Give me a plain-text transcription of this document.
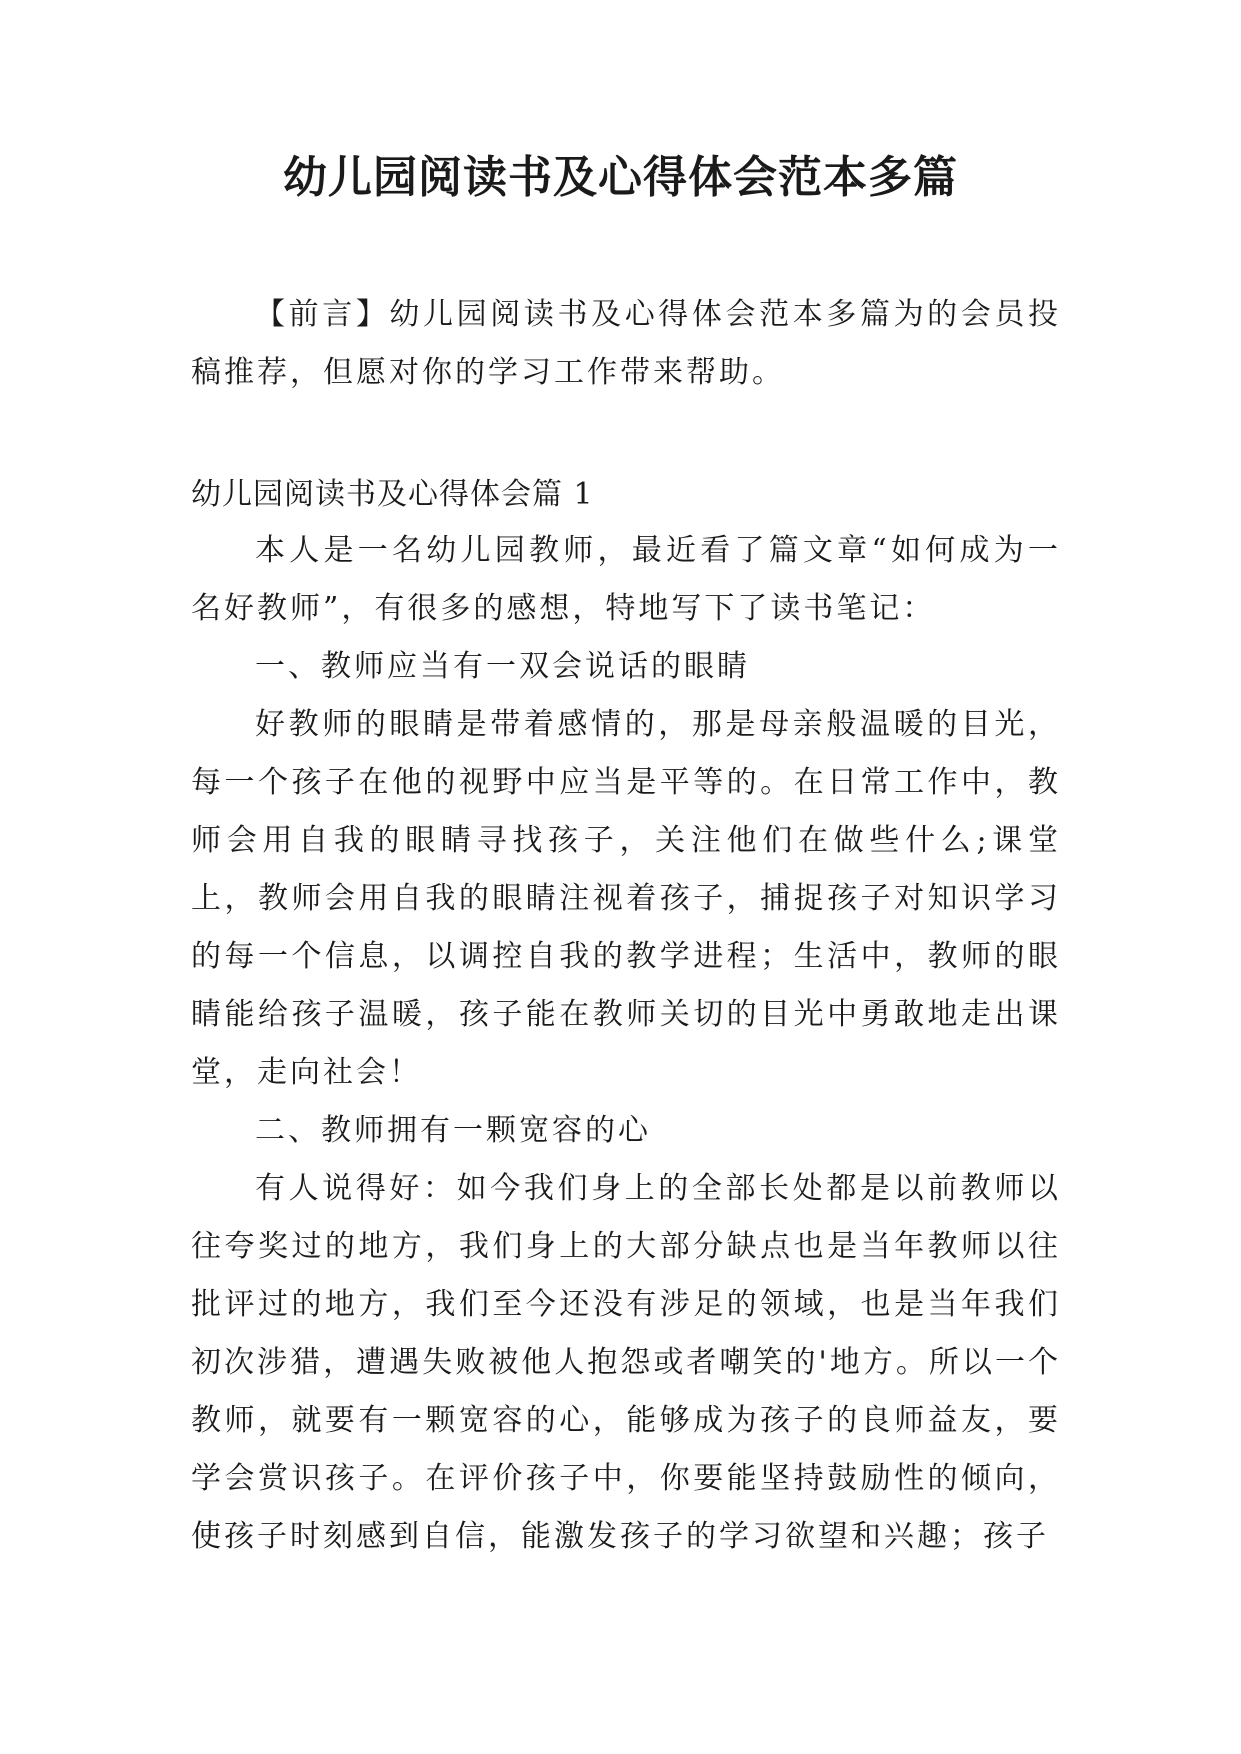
幼儿园阅读书及心得体会范本多篇

【前言】幼儿园阅读书及心得体会范本多篇为的会员投稿推荐，但愿对你的学习工作带来帮助。

幼儿园阅读书及心得体会篇 1

本人是一名幼儿园教师，最近看了篇文章“如何成为一名好教师”，有很多的感想，特地写下了读书笔记：

一、教师应当有一双会说话的眼睛

好教师的眼睛是带着感情的，那是母亲般温暖的目光，每一个孩子在他的视野中应当是平等的。在日常工作中，教师会用自我的眼睛寻找孩子，关注他们在做些什么;课堂上，教师会用自我的眼睛注视着孩子，捕捉孩子对知识学习的每一个信息，以调控自我的教学进程；生活中，教师的眼睛能给孩子温暖，孩子能在教师关切的目光中勇敢地走出课堂，走向社会！

二、教师拥有一颗宽容的心

有人说得好：如今我们身上的全部长处都是以前教师以往夸奖过的地方，我们身上的大部分缺点也是当年教师以往批评过的地方，我们至今还没有涉足的领域，也是当年我们初次涉猎，遭遇失败被他人抱怨或者嘲笑的'地方。所以一个教师，就要有一颗宽容的心，能够成为孩子的良师益友，要学会赏识孩子。在评价孩子中，你要能坚持鼓励性的倾向，使孩子时刻感到自信，能激发孩子的学习欲望和兴趣；孩子
